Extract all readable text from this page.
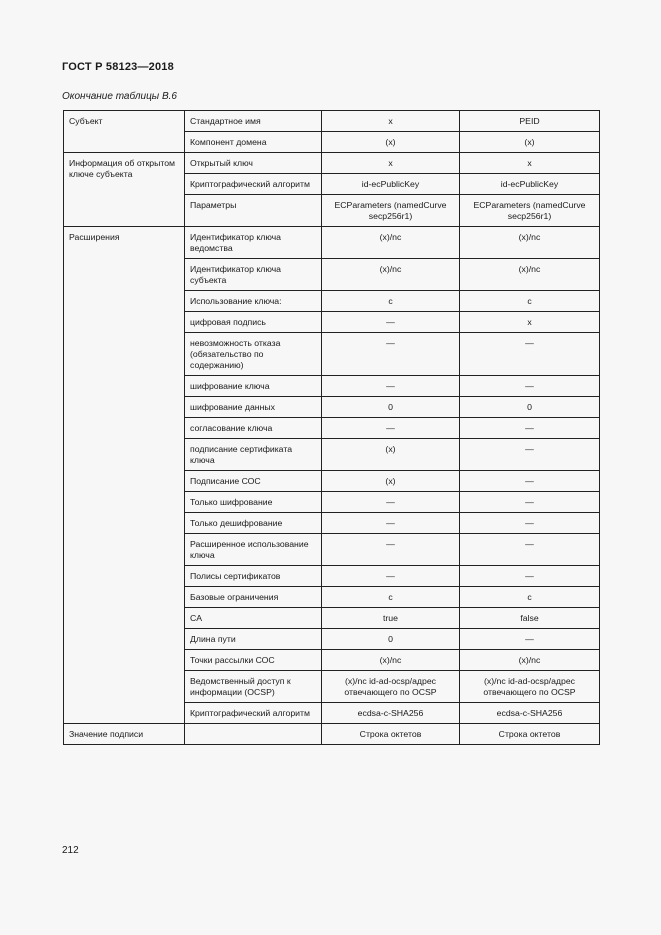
ГОСТ Р 58123—2018
Окончание таблицы В.6
Субъект	Стандартное имя	x	PEID
	Компонент домена	(x)	(x)
Информация об открытом ключе субъекта	Открытый ключ	x	x
	Криптографический алгоритм	id-ecPublicKey	id-ecPublicKey
	Параметры	ECParameters (namedCurve secp256r1)	ECParameters (namedCurve secp256r1)
Расширения	Идентификатор ключа ведомства	(x)/nc	(x)/nc
	Идентификатор ключа субъекта	(x)/nc	(x)/nc
	Использование ключа:	c	c
	цифровая подпись	—	x
	невозможность отказа (обязательство по содержанию)	—	—
	шифрование ключа	—	—
	шифрование данных	0	0
	согласование ключа	—	—
	подписание сертификата ключа	(x)	—
	Подписание СОС	(x)	—
	Только шифрование	—	—
	Только дешифрование	—	—
	Расширенное использование ключа	—	—
	Полисы сертификатов	—	—
	Базовые ограничения	c	c
	CA	true	false
	Длина пути	0	—
	Точки рассылки СОС	(x)/nc	(x)/nc
	Ведомственный доступ к информации (OCSP)	(x)/nc id-ad-ocsp/адрес отвечающего по OCSP	(x)/nc id-ad-ocsp/адрес отвечающего по OCSP
	Криптографический алгоритм	ecdsa-c-SHA256	ecdsa-c-SHA256
Значение подписи		Строка октетов	Строка октетов
212
